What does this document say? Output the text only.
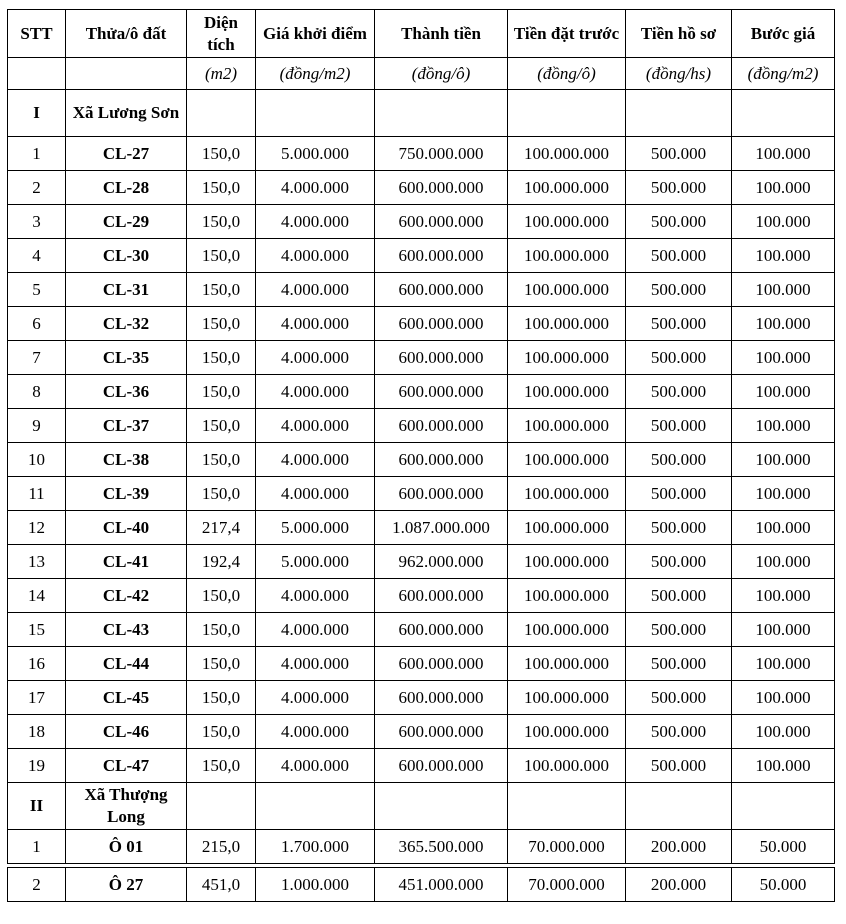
STT	Thửa/ô đất	Diện tích	Giá khởi điểm	Thành tiền	Tiền đặt trước	Tiền hồ sơ	Bước giá
		(m2)	(đồng/m2)	(đồng/ô)	(đồng/ô)	(đồng/hs)	(đồng/m2)
I	Xã Lương Sơn						
1	CL-27	150,0	5.000.000	750.000.000	100.000.000	500.000	100.000
2	CL-28	150,0	4.000.000	600.000.000	100.000.000	500.000	100.000
3	CL-29	150,0	4.000.000	600.000.000	100.000.000	500.000	100.000
4	CL-30	150,0	4.000.000	600.000.000	100.000.000	500.000	100.000
5	CL-31	150,0	4.000.000	600.000.000	100.000.000	500.000	100.000
6	CL-32	150,0	4.000.000	600.000.000	100.000.000	500.000	100.000
7	CL-35	150,0	4.000.000	600.000.000	100.000.000	500.000	100.000
8	CL-36	150,0	4.000.000	600.000.000	100.000.000	500.000	100.000
9	CL-37	150,0	4.000.000	600.000.000	100.000.000	500.000	100.000
10	CL-38	150,0	4.000.000	600.000.000	100.000.000	500.000	100.000
11	CL-39	150,0	4.000.000	600.000.000	100.000.000	500.000	100.000
12	CL-40	217,4	5.000.000	1.087.000.000	100.000.000	500.000	100.000
13	CL-41	192,4	5.000.000	962.000.000	100.000.000	500.000	100.000
14	CL-42	150,0	4.000.000	600.000.000	100.000.000	500.000	100.000
15	CL-43	150,0	4.000.000	600.000.000	100.000.000	500.000	100.000
16	CL-44	150,0	4.000.000	600.000.000	100.000.000	500.000	100.000
17	CL-45	150,0	4.000.000	600.000.000	100.000.000	500.000	100.000
18	CL-46	150,0	4.000.000	600.000.000	100.000.000	500.000	100.000
19	CL-47	150,0	4.000.000	600.000.000	100.000.000	500.000	100.000
II	Xã Thượng Long						
1	Ô 01	215,0	1.700.000	365.500.000	70.000.000	200.000	50.000

2	Ô 27	451,0	1.000.000	451.000.000	70.000.000	200.000	50.000
